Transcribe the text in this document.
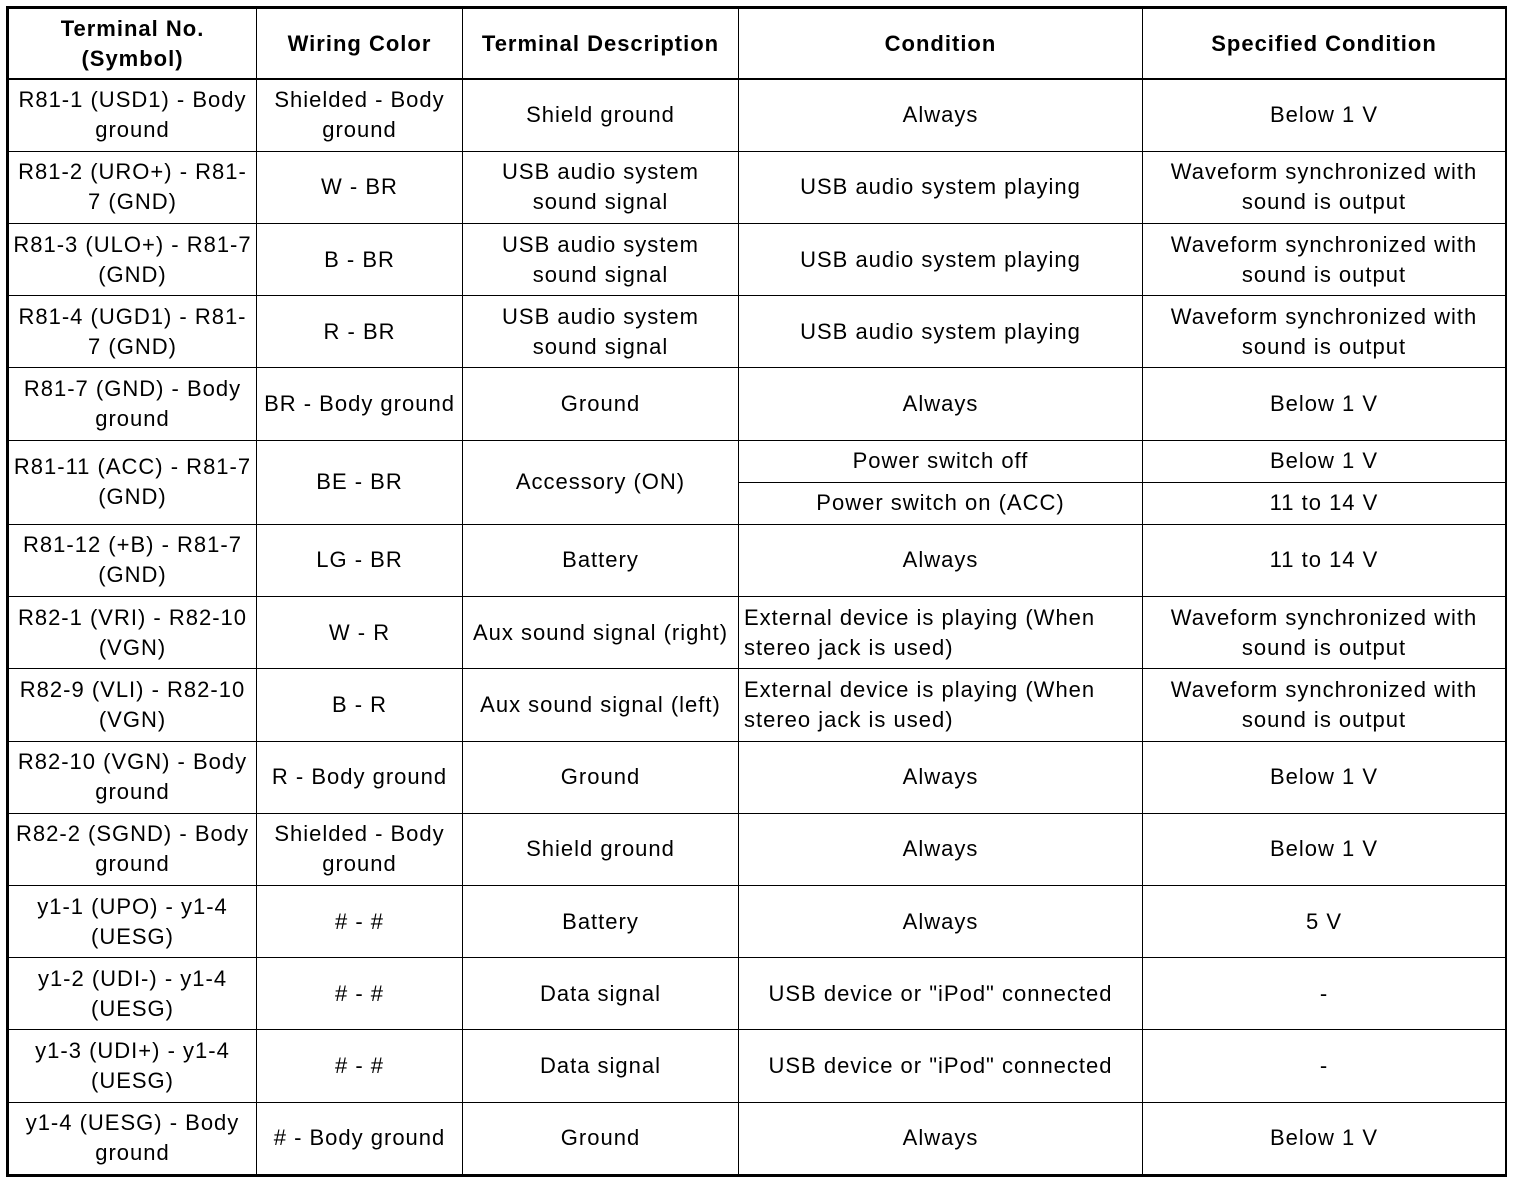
Terminal No.
(Symbol)	Wiring Color	Terminal Description	Condition	Specified Condition
R81-1 (USD1) - Body ground	Shielded - Body ground	Shield ground	Always	Below 1 V
R81-2 (URO+) - R81-7 (GND)	W - BR	USB audio system sound signal	USB audio system playing	Waveform synchronized with sound is output
R81-3 (ULO+) - R81-7 (GND)	B - BR	USB audio system sound signal	USB audio system playing	Waveform synchronized with sound is output
R81-4 (UGD1) - R81-7 (GND)	R - BR	USB audio system sound signal	USB audio system playing	Waveform synchronized with sound is output
R81-7 (GND) - Body ground	BR - Body ground	Ground	Always	Below 1 V
R81-11 (ACC) - R81-7 (GND)	BE - BR	Accessory (ON)	Power switch off	Below 1 V
			Power switch on (ACC)	11 to 14 V
R81-12 (+B) - R81-7 (GND)	LG - BR	Battery	Always	11 to 14 V
R82-1 (VRI) - R82-10 (VGN)	W - R	Aux sound signal (right)	External device is playing (When stereo jack is used)	Waveform synchronized with sound is output
R82-9 (VLI) - R82-10 (VGN)	B - R	Aux sound signal (left)	External device is playing (When stereo jack is used)	Waveform synchronized with sound is output
R82-10 (VGN) - Body ground	R - Body ground	Ground	Always	Below 1 V
R82-2 (SGND) - Body ground	Shielded - Body ground	Shield ground	Always	Below 1 V
y1-1 (UPO) - y1-4 (UESG)	# - #	Battery	Always	5 V
y1-2 (UDI-) - y1-4 (UESG)	# - #	Data signal	USB device or "iPod" connected	-
y1-3 (UDI+) - y1-4 (UESG)	# - #	Data signal	USB device or "iPod" connected	-
y1-4 (UESG) - Body ground	# - Body ground	Ground	Always	Below 1 V
